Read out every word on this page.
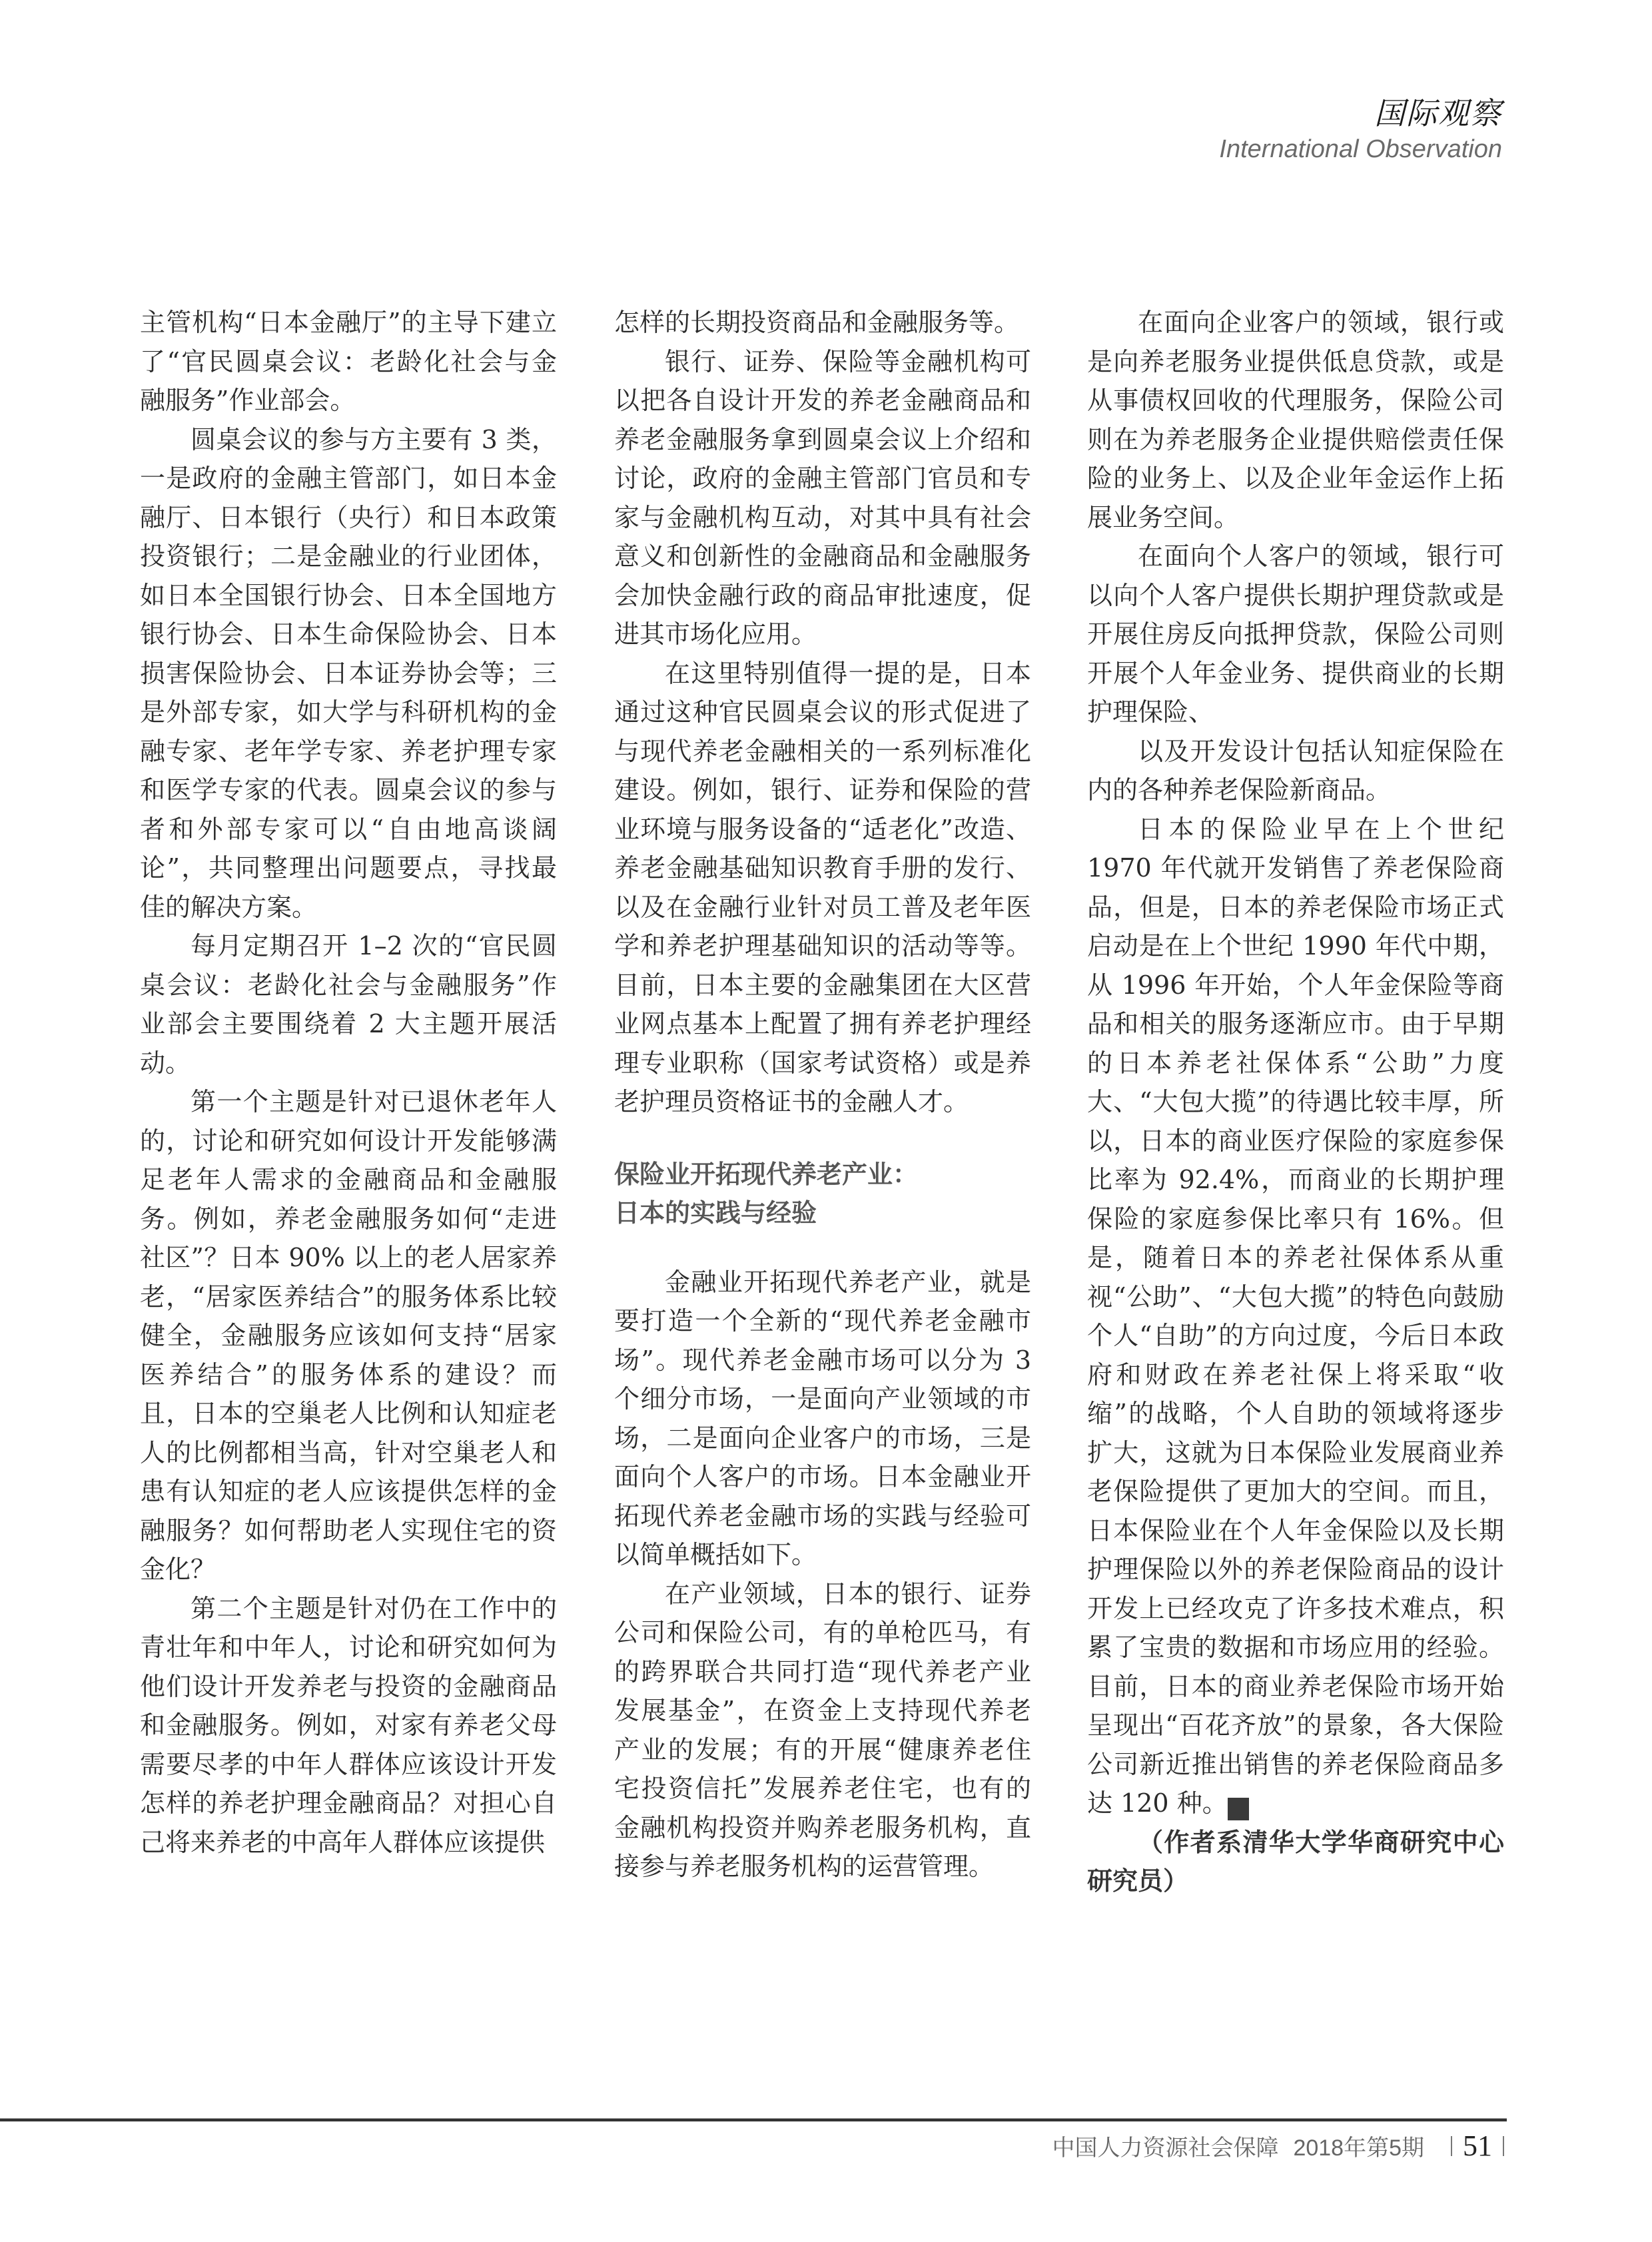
国际观察
International Observation

主管机构“日本金融厅”的主导下建立了“官民圆桌会议：老龄化社会与金融服务”作业部会。

圆桌会议的参与方主要有 3 类，一是政府的金融主管部门，如日本金融厅、日本银行（央行）和日本政策投资银行；二是金融业的行业团体，如日本全国银行协会、日本全国地方银行协会、日本生命保险协会、日本损害保险协会、日本证券协会等；三是外部专家，如大学与科研机构的金融专家、老年学专家、养老护理专家和医学专家的代表。圆桌会议的参与者和外部专家可以“自由地高谈阔论”，共同整理出问题要点，寻找最佳的解决方案。

每月定期召开 1–2 次的“官民圆桌会议：老龄化社会与金融服务”作业部会主要围绕着 2 大主题开展活动。

第一个主题是针对已退休老年人的，讨论和研究如何设计开发能够满足老年人需求的金融商品和金融服务。例如，养老金融服务如何“走进社区”？日本 90% 以上的老人居家养老，“居家医养结合”的服务体系比较健全，金融服务应该如何支持“居家医养结合”的服务体系的建设？而且，日本的空巢老人比例和认知症老人的比例都相当高，针对空巢老人和患有认知症的老人应该提供怎样的金融服务？如何帮助老人实现住宅的资金化？

第二个主题是针对仍在工作中的青壮年和中年人，讨论和研究如何为他们设计开发养老与投资的金融商品和金融服务。例如，对家有养老父母需要尽孝的中年人群体应该设计开发怎样的养老护理金融商品？对担心自己将来养老的中高年人群体应该提供

怎样的长期投资商品和金融服务等。

银行、证券、保险等金融机构可以把各自设计开发的养老金融商品和养老金融服务拿到圆桌会议上介绍和讨论，政府的金融主管部门官员和专家与金融机构互动，对其中具有社会意义和创新性的金融商品和金融服务会加快金融行政的商品审批速度，促进其市场化应用。

在这里特别值得一提的是，日本通过这种官民圆桌会议的形式促进了与现代养老金融相关的一系列标准化建设。例如，银行、证券和保险的营业环境与服务设备的“适老化”改造、养老金融基础知识教育手册的发行、以及在金融行业针对员工普及老年医学和养老护理基础知识的活动等等。目前，日本主要的金融集团在大区营业网点基本上配置了拥有养老护理经理专业职称（国家考试资格）或是养老护理员资格证书的金融人才。

保险业开拓现代养老产业：
日本的实践与经验

金融业开拓现代养老产业，就是要打造一个全新的“现代养老金融市场”。现代养老金融市场可以分为 3 个细分市场，一是面向产业领域的市场，二是面向企业客户的市场，三是面向个人客户的市场。日本金融业开拓现代养老金融市场的实践与经验可以简单概括如下。

在产业领域，日本的银行、证券公司和保险公司，有的单枪匹马，有的跨界联合共同打造“现代养老产业发展基金”，在资金上支持现代养老产业的发展；有的开展“健康养老住宅投资信托”发展养老住宅，也有的金融机构投资并购养老服务机构，直接参与养老服务机构的运营管理。

在面向企业客户的领域，银行或是向养老服务业提供低息贷款，或是从事债权回收的代理服务，保险公司则在为养老服务企业提供赔偿责任保险的业务上、以及企业年金运作上拓展业务空间。

在面向个人客户的领域，银行可以向个人客户提供长期护理贷款或是开展住房反向抵押贷款，保险公司则开展个人年金业务、提供商业的长期护理保险、

以及开发设计包括认知症保险在内的各种养老保险新商品。

日本的保险业早在上个世纪 1970 年代就开发销售了养老保险商品，但是，日本的养老保险市场正式启动是在上个世纪 1990 年代中期，从 1996 年开始，个人年金保险等商品和相关的服务逐渐应市。由于早期的日本养老社保体系“公助”力度大、“大包大揽”的待遇比较丰厚，所以，日本的商业医疗保险的家庭参保比率为 92.4%，而商业的长期护理保险的家庭参保比率只有 16%。但是，随着日本的养老社保体系从重视“公助”、“大包大揽”的特色向鼓励个人“自助”的方向过度，今后日本政府和财政在养老社保上将采取“收缩”的战略，个人自助的领域将逐步扩大，这就为日本保险业发展商业养老保险提供了更加大的空间。而且，日本保险业在个人年金保险以及长期护理保险以外的养老保险商品的设计开发上已经攻克了许多技术难点，积累了宝贵的数据和市场应用的经验。目前，日本的商业养老保险市场开始呈现出“百花齐放”的景象，各大保险公司新近推出销售的养老保险商品多达 120 种。	Rs

（作者系清华大学华商研究中心研究员）

中国人力资源社会保障 2018年第5期 51
